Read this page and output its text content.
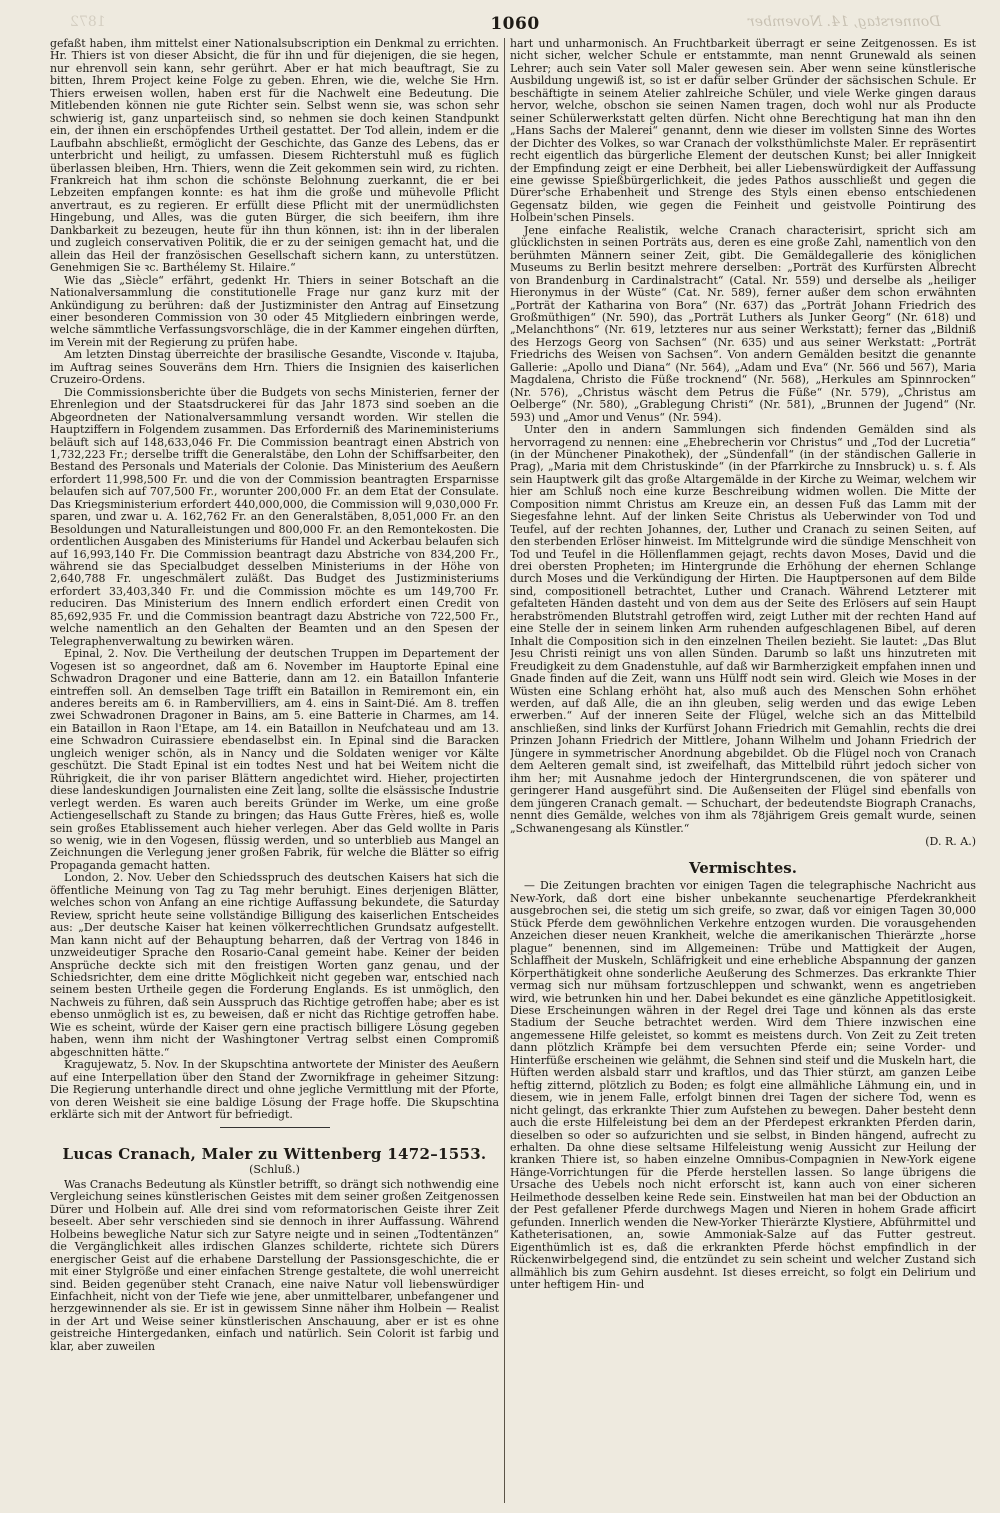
1872	1060	Donnerstag, 14. November

gefaßt haben, ihm mittelst einer Nationalsubscription ein Denkmal zu errichten. Hr. Thiers ist von dieser Absicht, die für ihn und für diejenigen, die sie hegen, nur ehrenvoll sein kann, sehr gerührt. Aber er hat mich beauftragt, Sie zu bitten, Ihrem Project keine Folge zu geben. Ehren, wie die, welche Sie Hrn. Thiers erweisen wollen, haben erst für die Nachwelt eine Bedeutung. Die Mitlebenden können nie gute Richter sein. Selbst wenn sie, was schon sehr schwierig ist, ganz unparteiisch sind, so nehmen sie doch keinen Standpunkt ein, der ihnen ein erschöpfendes Urtheil gestattet. Der Tod allein, indem er die Laufbahn abschließt, ermöglicht der Geschichte, das Ganze des Lebens, das er unterbricht und heiligt, zu umfassen. Diesem Richterstuhl muß es füglich überlassen bleiben, Hrn. Thiers, wenn die Zeit gekommen sein wird, zu richten. Frankreich hat ihm schon die schönste Belohnung zuerkannt, die er bei Lebzeiten empfangen konnte: es hat ihm die große und mühevolle Pflicht anvertraut, es zu regieren. Er erfüllt diese Pflicht mit der unermüdlichsten Hingebung, und Alles, was die guten Bürger, die sich beeifern, ihm ihre Dankbarkeit zu bezeugen, heute für ihn thun können, ist: ihn in der liberalen und zugleich conservativen Politik, die er zu der seinigen gemacht hat, und die allein das Heil der französischen Gesellschaft sichern kann, zu unterstützen. Genehmigen Sie ꝛc. Barthélemy St. Hilaire.“

Wie das „Siècle“ erfährt, gedenkt Hr. Thiers in seiner Botschaft an die Nationalversammlung die constitutionelle Frage nur ganz kurz mit der Ankündigung zu berühren: daß der Justizminister den Antrag auf Einsetzung einer besonderen Commission von 30 oder 45 Mitgliedern einbringen werde, welche sämmtliche Verfassungsvorschläge, die in der Kammer eingehen dürften, im Verein mit der Regierung zu prüfen habe.

Am letzten Dinstag überreichte der brasilische Gesandte, Visconde v. Itajuba, im Auftrag seines Souveräns dem Hrn. Thiers die Insignien des kaiserlichen Cruzeiro-Ordens.

Die Commissionsberichte über die Budgets von sechs Ministerien, ferner der Ehrenlegion und der Staatsdruckerei für das Jahr 1873 sind soeben an die Abgeordneten der Nationalversammlung versandt worden. Wir stellen die Hauptziffern in Folgendem zusammen. Das Erforderniß des Marineministeriums beläuft sich auf 148,633,046 Fr. Die Commission beantragt einen Abstrich von 1,732,223 Fr.; derselbe trifft die Generalstäbe, den Lohn der Schiffsarbeiter, den Bestand des Personals und Materials der Colonie. Das Ministerium des Aeußern erfordert 11,998,500 Fr. und die von der Commission beantragten Ersparnisse belaufen sich auf 707,500 Fr., worunter 200,000 Fr. an dem Etat der Consulate. Das Kriegsministerium erfordert 440,000,000, die Commission will 9,030,000 Fr. sparen, und zwar u. A. 162,762 Fr. an den Generalstäben, 8,051,000 Fr. an den Besoldungen und Naturalleistungen und 800,000 Fr. an den Remontekosten. Die ordentlichen Ausgaben des Ministeriums für Handel und Ackerbau belaufen sich auf 16,993,140 Fr. Die Commission beantragt dazu Abstriche von 834,200 Fr., während sie das Specialbudget desselben Ministeriums in der Höhe von 2,640,788 Fr. ungeschmälert zuläßt. Das Budget des Justizministeriums erfordert 33,403,340 Fr. und die Commission möchte es um 149,700 Fr. reduciren. Das Ministerium des Innern endlich erfordert einen Credit von 85,692,935 Fr. und die Commission beantragt dazu Abstriche von 722,500 Fr., welche namentlich an den Gehalten der Beamten und an den Spesen der Telegraphenverwaltung zu bewirken wären.

Epinal, 2. Nov. Die Vertheilung der deutschen Truppen im Departement der Vogesen ist so angeordnet, daß am 6. November im Hauptorte Epinal eine Schwadron Dragoner und eine Batterie, dann am 12. ein Bataillon Infanterie eintreffen soll. An demselben Tage trifft ein Bataillon in Remiremont ein, ein anderes bereits am 6. in Rambervilliers, am 4. eins in Saint-Dié. Am 8. treffen zwei Schwadronen Dragoner in Bains, am 5. eine Batterie in Charmes, am 14. ein Bataillon in Raon l'Etape, am 14. ein Bataillon in Neufchateau und am 13. eine Schwadron Cuirassiere ebendaselbst ein. In Epinal sind die Baracken ungleich weniger schön, als in Nancy und die Soldaten weniger vor Kälte geschützt. Die Stadt Epinal ist ein todtes Nest und hat bei Weitem nicht die Rührigkeit, die ihr von pariser Blättern angedichtet wird. Hieher, projectirten diese landeskundigen Journalisten eine Zeit lang, sollte die elsässische Industrie verlegt werden. Es waren auch bereits Gründer im Werke, um eine große Actiengesellschaft zu Stande zu bringen; das Haus Gutte Frères, hieß es, wolle sein großes Etablissement auch hieher verlegen. Aber das Geld wollte in Paris so wenig, wie in den Vogesen, flüssig werden, und so unterblieb aus Mangel an Zeichnungen die Verlegung jener großen Fabrik, für welche die Blätter so eifrig Propaganda gemacht hatten.

London, 2. Nov. Ueber den Schiedsspruch des deutschen Kaisers hat sich die öffentliche Meinung von Tag zu Tag mehr beruhigt. Eines derjenigen Blätter, welches schon von Anfang an eine richtige Auffassung bekundete, die Saturday Review, spricht heute seine vollständige Billigung des kaiserlichen Entscheides aus: „Der deutsche Kaiser hat keinen völkerrechtlichen Grundsatz aufgestellt. Man kann nicht auf der Behauptung beharren, daß der Vertrag von 1846 in unzweideutiger Sprache den Rosario-Canal gemeint habe. Keiner der beiden Ansprüche deckte sich mit den freistigen Worten ganz genau, und der Schiedsrichter, dem eine dritte Möglichkeit nicht gegeben war, entschied nach seinem besten Urtheile gegen die Forderung Englands. Es ist unmöglich, den Nachweis zu führen, daß sein Ausspruch das Richtige getroffen habe; aber es ist ebenso unmöglich ist es, zu beweisen, daß er nicht das Richtige getroffen habe. Wie es scheint, würde der Kaiser gern eine practisch billigere Lösung gegeben haben, wenn ihm nicht der Washingtoner Vertrag selbst einen Compromiß abgeschnitten hätte.“

Kragujewatz, 5. Nov. In der Skupschtina antwortete der Minister des Aeußern auf eine Interpellation über den Stand der Zwornikfrage in geheimer Sitzung: Die Regierung unterhandle direct und ohne jegliche Vermittlung mit der Pforte, von deren Weisheit sie eine baldige Lösung der Frage hoffe. Die Skupschtina erklärte sich mit der Antwort für befriedigt.

Lucas Cranach, Maler zu Wittenberg 1472–1553.
(Schluß.)

Was Cranachs Bedeutung als Künstler betrifft, so drängt sich nothwendig eine Vergleichung seines künstlerischen Geistes mit dem seiner großen Zeitgenossen Dürer und Holbein auf. Alle drei sind vom reformatorischen Geiste ihrer Zeit beseelt. Aber sehr verschieden sind sie dennoch in ihrer Auffassung. Während Holbeins bewegliche Natur sich zur Satyre neigte und in seinen „Todtentänzen“ die Vergänglichkeit alles irdischen Glanzes schilderte, richtete sich Dürers energischer Geist auf die erhabene Darstellung der Passionsgeschichte, die er mit einer Stylgröße und einer einfachen Strenge gestaltete, die wohl unerreicht sind. Beiden gegenüber steht Cranach, eine naive Natur voll liebenswürdiger Einfachheit, nicht von der Tiefe wie jene, aber unmittelbarer, unbefangener und herzgewinnender als sie. Er ist in gewissem Sinne näher ihm Holbein — Realist in der Art und Weise seiner künstlerischen Anschauung, aber er ist es ohne geistreiche Hintergedanken, einfach und natürlich. Sein Colorit ist farbig und klar, aber zuweilen

hart und unharmonisch. An Fruchtbarkeit überragt er seine Zeitgenossen. Es ist nicht sicher, welcher Schule er entstammte, man nennt Grunewald als seinen Lehrer; auch sein Vater soll Maler gewesen sein. Aber wenn seine künstlerische Ausbildung ungewiß ist, so ist er dafür selber Gründer der sächsischen Schule. Er beschäftigte in seinem Atelier zahlreiche Schüler, und viele Werke gingen daraus hervor, welche, obschon sie seinen Namen tragen, doch wohl nur als Producte seiner Schülerwerkstatt gelten dürfen. Nicht ohne Berechtigung hat man ihn den „Hans Sachs der Malerei“ genannt, denn wie dieser im vollsten Sinne des Wortes der Dichter des Volkes, so war Cranach der volksthümlichste Maler. Er repräsentirt recht eigentlich das bürgerliche Element der deutschen Kunst; bei aller Innigkeit der Empfindung zeigt er eine Derbheit, bei aller Liebenswürdigkeit der Auffassung eine gewisse Spießbürgerlichkeit, die jedes Pathos ausschließt und gegen die Dürer'sche Erhabenheit und Strenge des Styls einen ebenso entschiedenen Gegensatz bilden, wie gegen die Feinheit und geistvolle Pointirung des Holbein'schen Pinsels.

Jene einfache Realistik, welche Cranach characterisirt, spricht sich am glücklichsten in seinen Porträts aus, deren es eine große Zahl, namentlich von den berühmten Männern seiner Zeit, gibt. Die Gemäldegallerie des königlichen Museums zu Berlin besitzt mehrere derselben: „Porträt des Kurfürsten Albrecht von Brandenburg in Cardinalstracht“ (Catal. Nr. 559) und derselbe als „heiliger Hieronymus in der Wüste“ (Cat. Nr. 589), ferner außer dem schon erwähnten „Porträt der Katharina von Bora“ (Nr. 637) das „Porträt Johann Friedrich des Großmüthigen“ (Nr. 590), das „Porträt Luthers als Junker Georg“ (Nr. 618) und „Melanchthons“ (Nr. 619, letzteres nur aus seiner Werkstatt); ferner das „Bildniß des Herzogs Georg von Sachsen“ (Nr. 635) und aus seiner Werkstatt: „Porträt Friedrichs des Weisen von Sachsen“. Von andern Gemälden besitzt die genannte Gallerie: „Apollo und Diana“ (Nr. 564), „Adam und Eva“ (Nr. 566 und 567), Maria Magdalena, Christo die Füße trocknend“ (Nr. 568), „Herkules am Spinnrocken“ (Nr. 576), „Christus wäscht dem Petrus die Füße“ (Nr. 579), „Christus am Oelberge“ (Nr. 580), „Grablegung Christi“ (Nr. 581), „Brunnen der Jugend“ (Nr. 593) und „Amor und Venus“ (Nr. 594).

Unter den in andern Sammlungen sich findenden Gemälden sind als hervorragend zu nennen: eine „Ehebrecherin vor Christus“ und „Tod der Lucretia“ (in der Münchener Pinakothek), der „Sündenfall“ (in der ständischen Gallerie in Prag), „Maria mit dem Christuskinde“ (in der Pfarrkirche zu Innsbruck) u. s. f. Als sein Hauptwerk gilt das große Altargemälde in der Kirche zu Weimar, welchem wir hier am Schluß noch eine kurze Beschreibung widmen wollen. Die Mitte der Composition nimmt Christus am Kreuze ein, an dessen Fuß das Lamm mit der Siegesfahne lehnt. Auf der linken Seite Christus als Ueberwinder von Tod und Teufel, auf der rechten Johannes, der, Luther und Cranach zu seinen Seiten, auf den sterbenden Erlöser hinweist. Im Mittelgrunde wird die sündige Menschheit von Tod und Teufel in die Höllenflammen gejagt, rechts davon Moses, David und die drei obersten Propheten; im Hintergrunde die Erhöhung der ehernen Schlange durch Moses und die Verkündigung der Hirten. Die Hauptpersonen auf dem Bilde sind, compositionell betrachtet, Luther und Cranach. Während Letzterer mit gefalteten Händen dasteht und von dem aus der Seite des Erlösers auf sein Haupt herabströmenden Blutstrahl getroffen wird, zeigt Luther mit der rechten Hand auf eine Stelle der in seinem linken Arm ruhenden aufgeschlagenen Bibel, auf deren Inhalt die Composition sich in den einzelnen Theilen bezieht. Sie lautet: „Das Blut Jesu Christi reinigt uns von allen Sünden. Darumb so laßt uns hinzutreten mit Freudigkeit zu dem Gnadenstuhle, auf daß wir Barmherzigkeit empfahen innen und Gnade finden auf die Zeit, wann uns Hülff nodt sein wird. Gleich wie Moses in der Wüsten eine Schlang erhöht hat, also muß auch des Menschen Sohn erhöhet werden, auf daß Alle, die an ihn gleuben, selig werden und das ewige Leben erwerben.“ Auf der inneren Seite der Flügel, welche sich an das Mittelbild anschließen, sind links der Kurfürst Johann Friedrich mit Gemahlin, rechts die drei Prinzen Johann Friedrich der Mittlere, Johann Wilhelm und Johann Friedrich der Jüngere in symmetrischer Anordnung abgebildet. Ob die Flügel noch von Cranach dem Aelteren gemalt sind, ist zweifelhaft, das Mittelbild rührt jedoch sicher von ihm her; mit Ausnahme jedoch der Hintergrundscenen, die von späterer und geringerer Hand ausgeführt sind. Die Außenseiten der Flügel sind ebenfalls von dem jüngeren Cranach gemalt. — Schuchart, der bedeutendste Biograph Cranachs, nennt dies Gemälde, welches von ihm als 78jährigem Greis gemalt wurde, seinen „Schwanengesang als Künstler.“

(D. R. A.)
Vermischtes.

— Die Zeitungen brachten vor einigen Tagen die telegraphische Nachricht aus New-York, daß dort eine bisher unbekannte seuchenartige Pferdekrankheit ausgebrochen sei, die stetig um sich greife, so zwar, daß vor einigen Tagen 30,000 Stück Pferde dem gewöhnlichen Verkehre entzogen wurden. Die vorausgehenden Anzeichen dieser neuen Krankheit, welche die amerikanischen Thierärzte „horse plague“ benennen, sind im Allgemeinen: Trübe und Mattigkeit der Augen, Schlaffheit der Muskeln, Schläfrigkeit und eine erhebliche Abspannung der ganzen Körperthätigkeit ohne sonderliche Aeußerung des Schmerzes. Das erkrankte Thier vermag sich nur mühsam fortzuschleppen und schwankt, wenn es angetrieben wird, wie betrunken hin und her. Dabei bekundet es eine gänzliche Appetitlosigkeit. Diese Erscheinungen währen in der Regel drei Tage und können als das erste Stadium der Seuche betrachtet werden. Wird dem Thiere inzwischen eine angemessene Hilfe geleistet, so kommt es meistens durch. Von Zeit zu Zeit treten dann plötzlich Krämpfe bei dem versuchten Pferde ein; seine Vorder- und Hinterfüße erscheinen wie gelähmt, die Sehnen sind steif und die Muskeln hart, die Hüften werden alsbald starr und kraftlos, und das Thier stürzt, am ganzen Leibe heftig zitternd, plötzlich zu Boden; es folgt eine allmähliche Lähmung ein, und in diesem, wie in jenem Falle, erfolgt binnen drei Tagen der sichere Tod, wenn es nicht gelingt, das erkrankte Thier zum Aufstehen zu bewegen. Daher besteht denn auch die erste Hilfeleistung bei dem an der Pferdepest erkrankten Pferden darin, dieselben so oder so aufzurichten und sie selbst, in Binden hängend, aufrecht zu erhalten. Da ohne diese seltsame Hilfeleistung wenig Aussicht zur Heilung der kranken Thiere ist, so haben einzelne Omnibus-Compagnien in New-York eigene Hänge-Vorrichtungen für die Pferde herstellen lassen. So lange übrigens die Ursache des Uebels noch nicht erforscht ist, kann auch von einer sicheren Heilmethode desselben keine Rede sein. Einstweilen hat man bei der Obduction an der Pest gefallener Pferde durchwegs Magen und Nieren in hohem Grade afficirt gefunden. Innerlich wenden die New-Yorker Thierärzte Klystiere, Abführmittel und Katheterisationen, an, sowie Ammoniak-Salze auf das Futter gestreut. Eigenthümlich ist es, daß die erkrankten Pferde höchst empfindlich in der Rückenwirbelgegend sind, die entzündet zu sein scheint und welcher Zustand sich allmählich bis zum Gehirn ausdehnt. Ist dieses erreicht, so folgt ein Delirium und unter heftigem Hin- und
